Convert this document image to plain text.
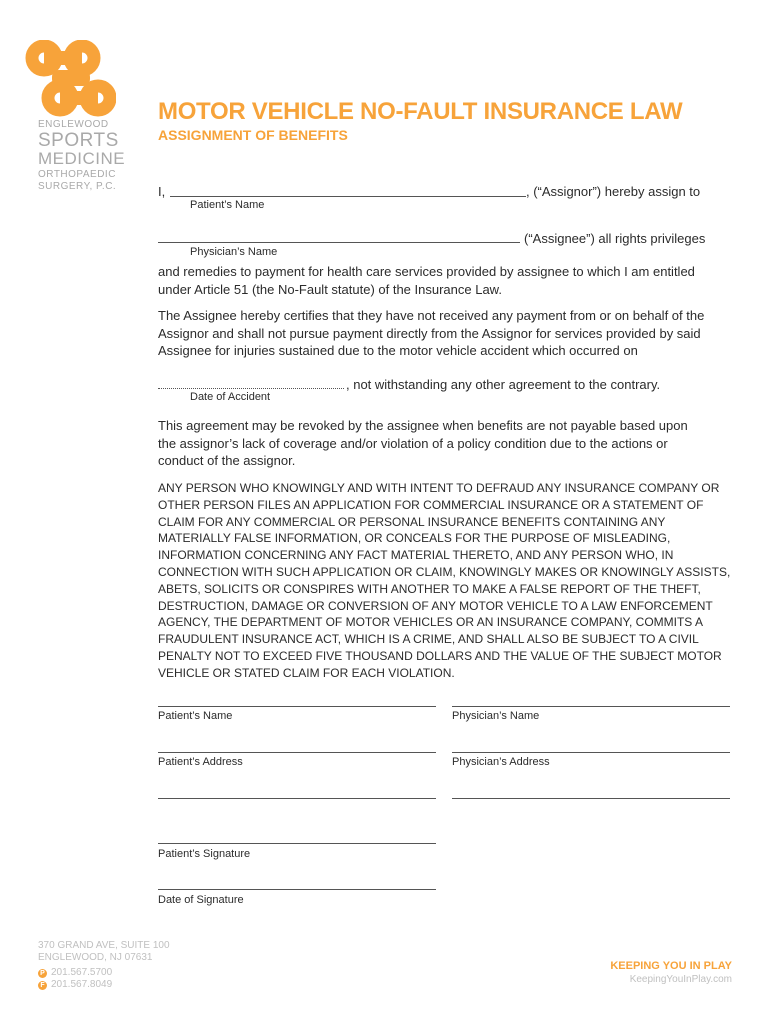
ENGLEWOOD
SPORTS
MEDICINE
ORTHOPAEDIC
SURGERY, P.C.
MOTOR VEHICLE NO-FAULT INSURANCE LAW
ASSIGNMENT OF BENEFITS
I,	, (“Assignor”) hereby assign to
Patient’s Name
(“Assignee”) all rights privileges
Physician’s Name
and remedies to payment for health care services provided by assignee to which I am entitled under Article 51 (the No-Fault statute) of the Insurance Law.
The Assignee hereby certifies that they have not received any payment from or on behalf of the Assignor and shall not pursue payment directly from the Assignor for services provided by said Assignee for injuries sustained due to the motor vehicle accident which occurred on
, not withstanding any other agreement to the contrary.
Date of Accident
This agreement may be revoked by the assignee when benefits are not payable based upon the assignor’s lack of coverage and/or violation of a policy condition due to the actions or conduct of the assignor.
ANY PERSON WHO KNOWINGLY AND WITH INTENT TO DEFRAUD ANY INSURANCE COMPANY OR OTHER PERSON FILES AN APPLICATION FOR COMMERCIAL INSURANCE OR A STATEMENT OF CLAIM FOR ANY COMMERCIAL OR PERSONAL INSURANCE BENEFITS CONTAINING ANY MATERIALLY FALSE INFORMATION, OR CONCEALS FOR THE PURPOSE OF MISLEADING, INFORMATION CONCERNING ANY FACT MATERIAL THERETO, AND ANY PERSON WHO, IN CONNECTION WITH SUCH APPLICATION OR CLAIM, KNOWINGLY MAKES OR KNOWINGLY ASSISTS, ABETS, SOLICITS OR CONSPIRES WITH ANOTHER TO MAKE A FALSE REPORT OF THE THEFT, DESTRUCTION, DAMAGE OR CONVERSION OF ANY MOTOR VEHICLE TO A LAW ENFORCEMENT AGENCY, THE DEPARTMENT OF MOTOR VEHICLES OR AN INSURANCE COMPANY, COMMITS A FRAUDULENT INSURANCE ACT, WHICH IS A CRIME, AND SHALL ALSO BE SUBJECT TO A CIVIL PENALTY NOT TO EXCEED FIVE THOUSAND DOLLARS AND THE VALUE OF THE SUBJECT MOTOR VEHICLE OR STATED CLAIM FOR EACH VIOLATION.
Patient’s Name	Physician’s Name
Patient’s Address	Physician’s Address
Patient’s Signature
Date of Signature
370 GRAND AVE, SUITE 100
ENGLEWOOD, NJ 07631
P 201.567.5700
F 201.567.8049
KEEPING YOU IN PLAY
KeepingYouInPlay.com
